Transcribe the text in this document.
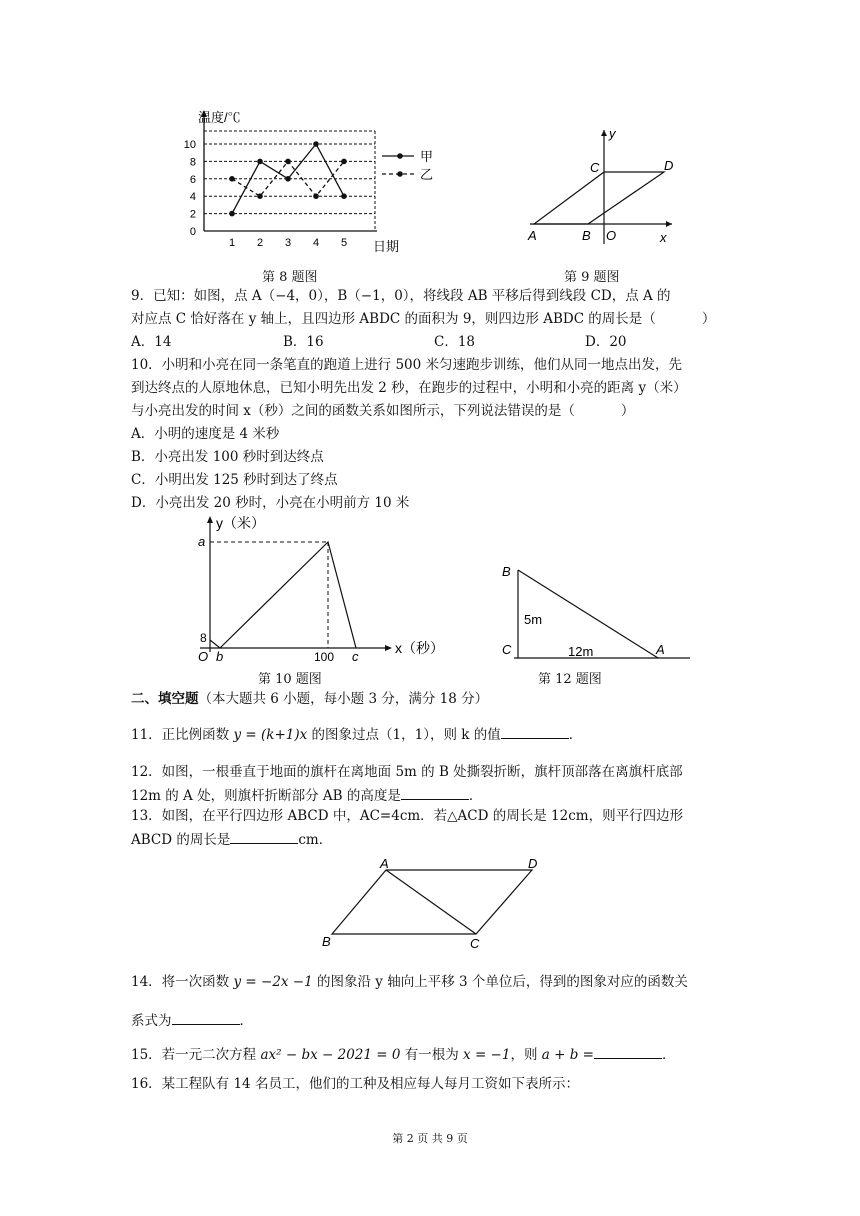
0
2
4
6
8
10
1 2 3 4 5
温度/℃
日期
甲
乙
第 8 题图
y
x
A	B O
C	D
第 9 题图
9．已知：如图，点 A（−4，0），B（−1，0），将线段 AB 平移后得到线段 CD，点 A 的
对应点 C 恰好落在 y 轴上，且四边形 ABDC 的面积为 9，则四边形 ABDC 的周长是（	）
A．14	B．16	C．18	D．20
10．小明和小亮在同一条笔直的跑道上进行 500 米匀速跑步训练，他们从同一地点出发，先
到达终点的人原地休息，已知小明先出发 2 秒，在跑步的过程中，小明和小亮的距离 y（米）
与小亮出发的时间 x（秒）之间的函数关系如图所示，下列说法错误的是（	）
A．小明的速度是 4 米秒
B．小亮出发 100 秒时到达终点
C．小明出发 125 秒时到达了终点
D．小亮出发 20 秒时，小亮在小明前方 10 米
y（米）
x（秒）
a
8
O b	100 c
第 10 题图
B
C	A
5m
12m
第 12 题图
二、填空题（本大题共 6 小题，每小题 3 分，满分 18 分）
11．正比例函数 y = (k+1)x 的图象过点（1，1），则 k 的值	．
12．如图，一根垂直于地面的旗杆在离地面 5m 的 B 处撕裂折断，旗杆顶部落在离旗杆底部
12m 的 A 处，则旗杆折断部分 AB 的高度是	．
13．如图，在平行四边形 ABCD 中，AC=4cm．若△ACD 的周长是 12cm，则平行四边形
ABCD 的周长是	cm．
A	D
B	C
14．将一次函数 y = −2x −1 的图象沿 y 轴向上平移 3 个单位后，得到的图象对应的函数关
系式为	．
15．若一元二次方程 ax² − bx − 2021 = 0 有一根为 x = −1，则 a + b =	．
16．某工程队有 14 名员工，他们的工种及相应每人每月工资如下表所示：
第 2 页 共 9 页
